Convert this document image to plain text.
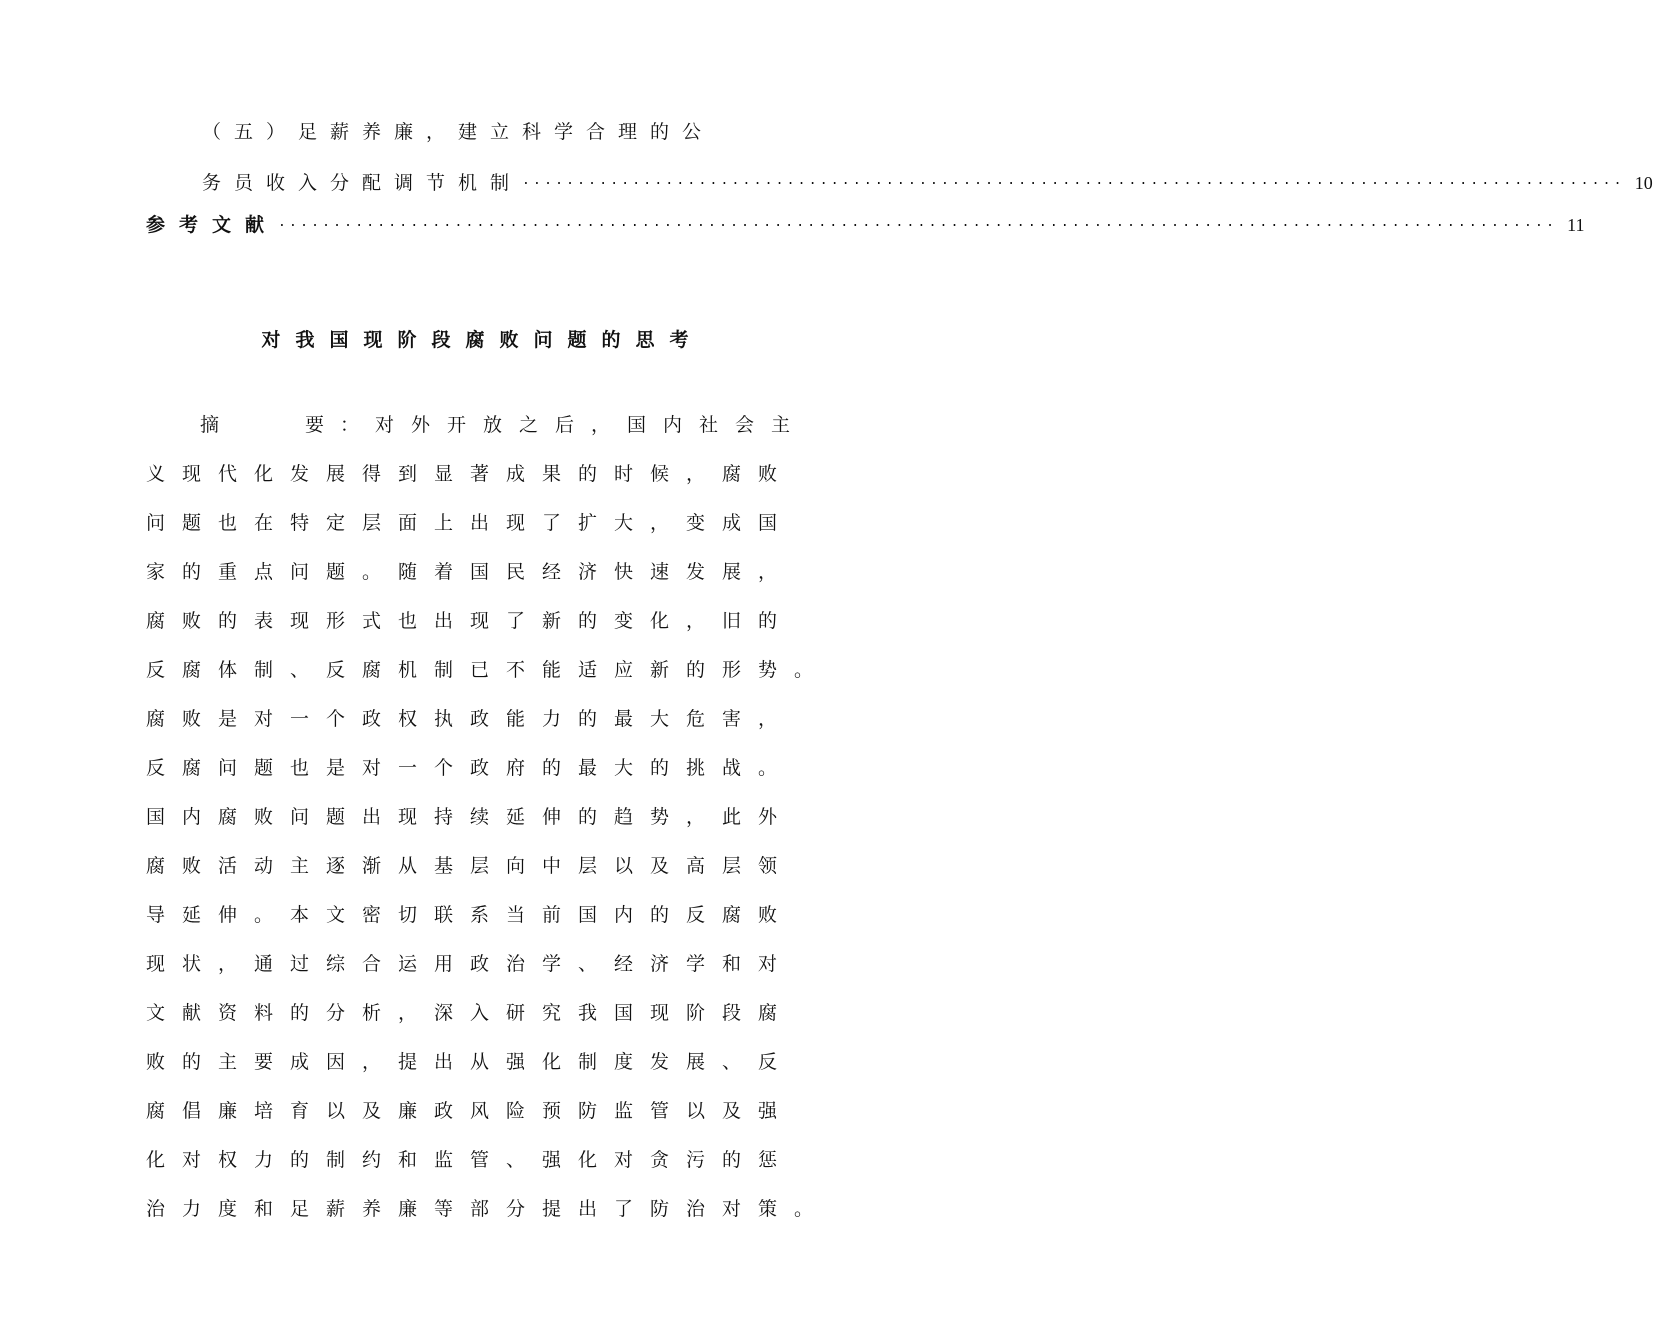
（五）足薪养廉，建立科学合理的公
务员收入分配调节机制 .................................................................................................... 10
参考文献 .................................................................................................................... 11
对我国现阶段腐败问题的思考
摘　　要：对外开放之后，国内社会主
义现代化发展得到显著成果的时候，腐败
问题也在特定层面上出现了扩大，变成国
家的重点问题。随着国民经济快速发展，
腐败的表现形式也出现了新的变化，旧的
反腐体制、反腐机制已不能适应新的形势。
腐败是对一个政权执政能力的最大危害，
反腐问题也是对一个政府的最大的挑战。
国内腐败问题出现持续延伸的趋势，此外
腐败活动主逐渐从基层向中层以及高层领
导延伸。本文密切联系当前国内的反腐败
现状，通过综合运用政治学、经济学和对
文献资料的分析，深入研究我国现阶段腐
败的主要成因，提出从强化制度发展、反
腐倡廉培育以及廉政风险预防监管以及强
化对权力的制约和监管、强化对贪污的惩
治力度和足薪养廉等部分提出了防治对策。
